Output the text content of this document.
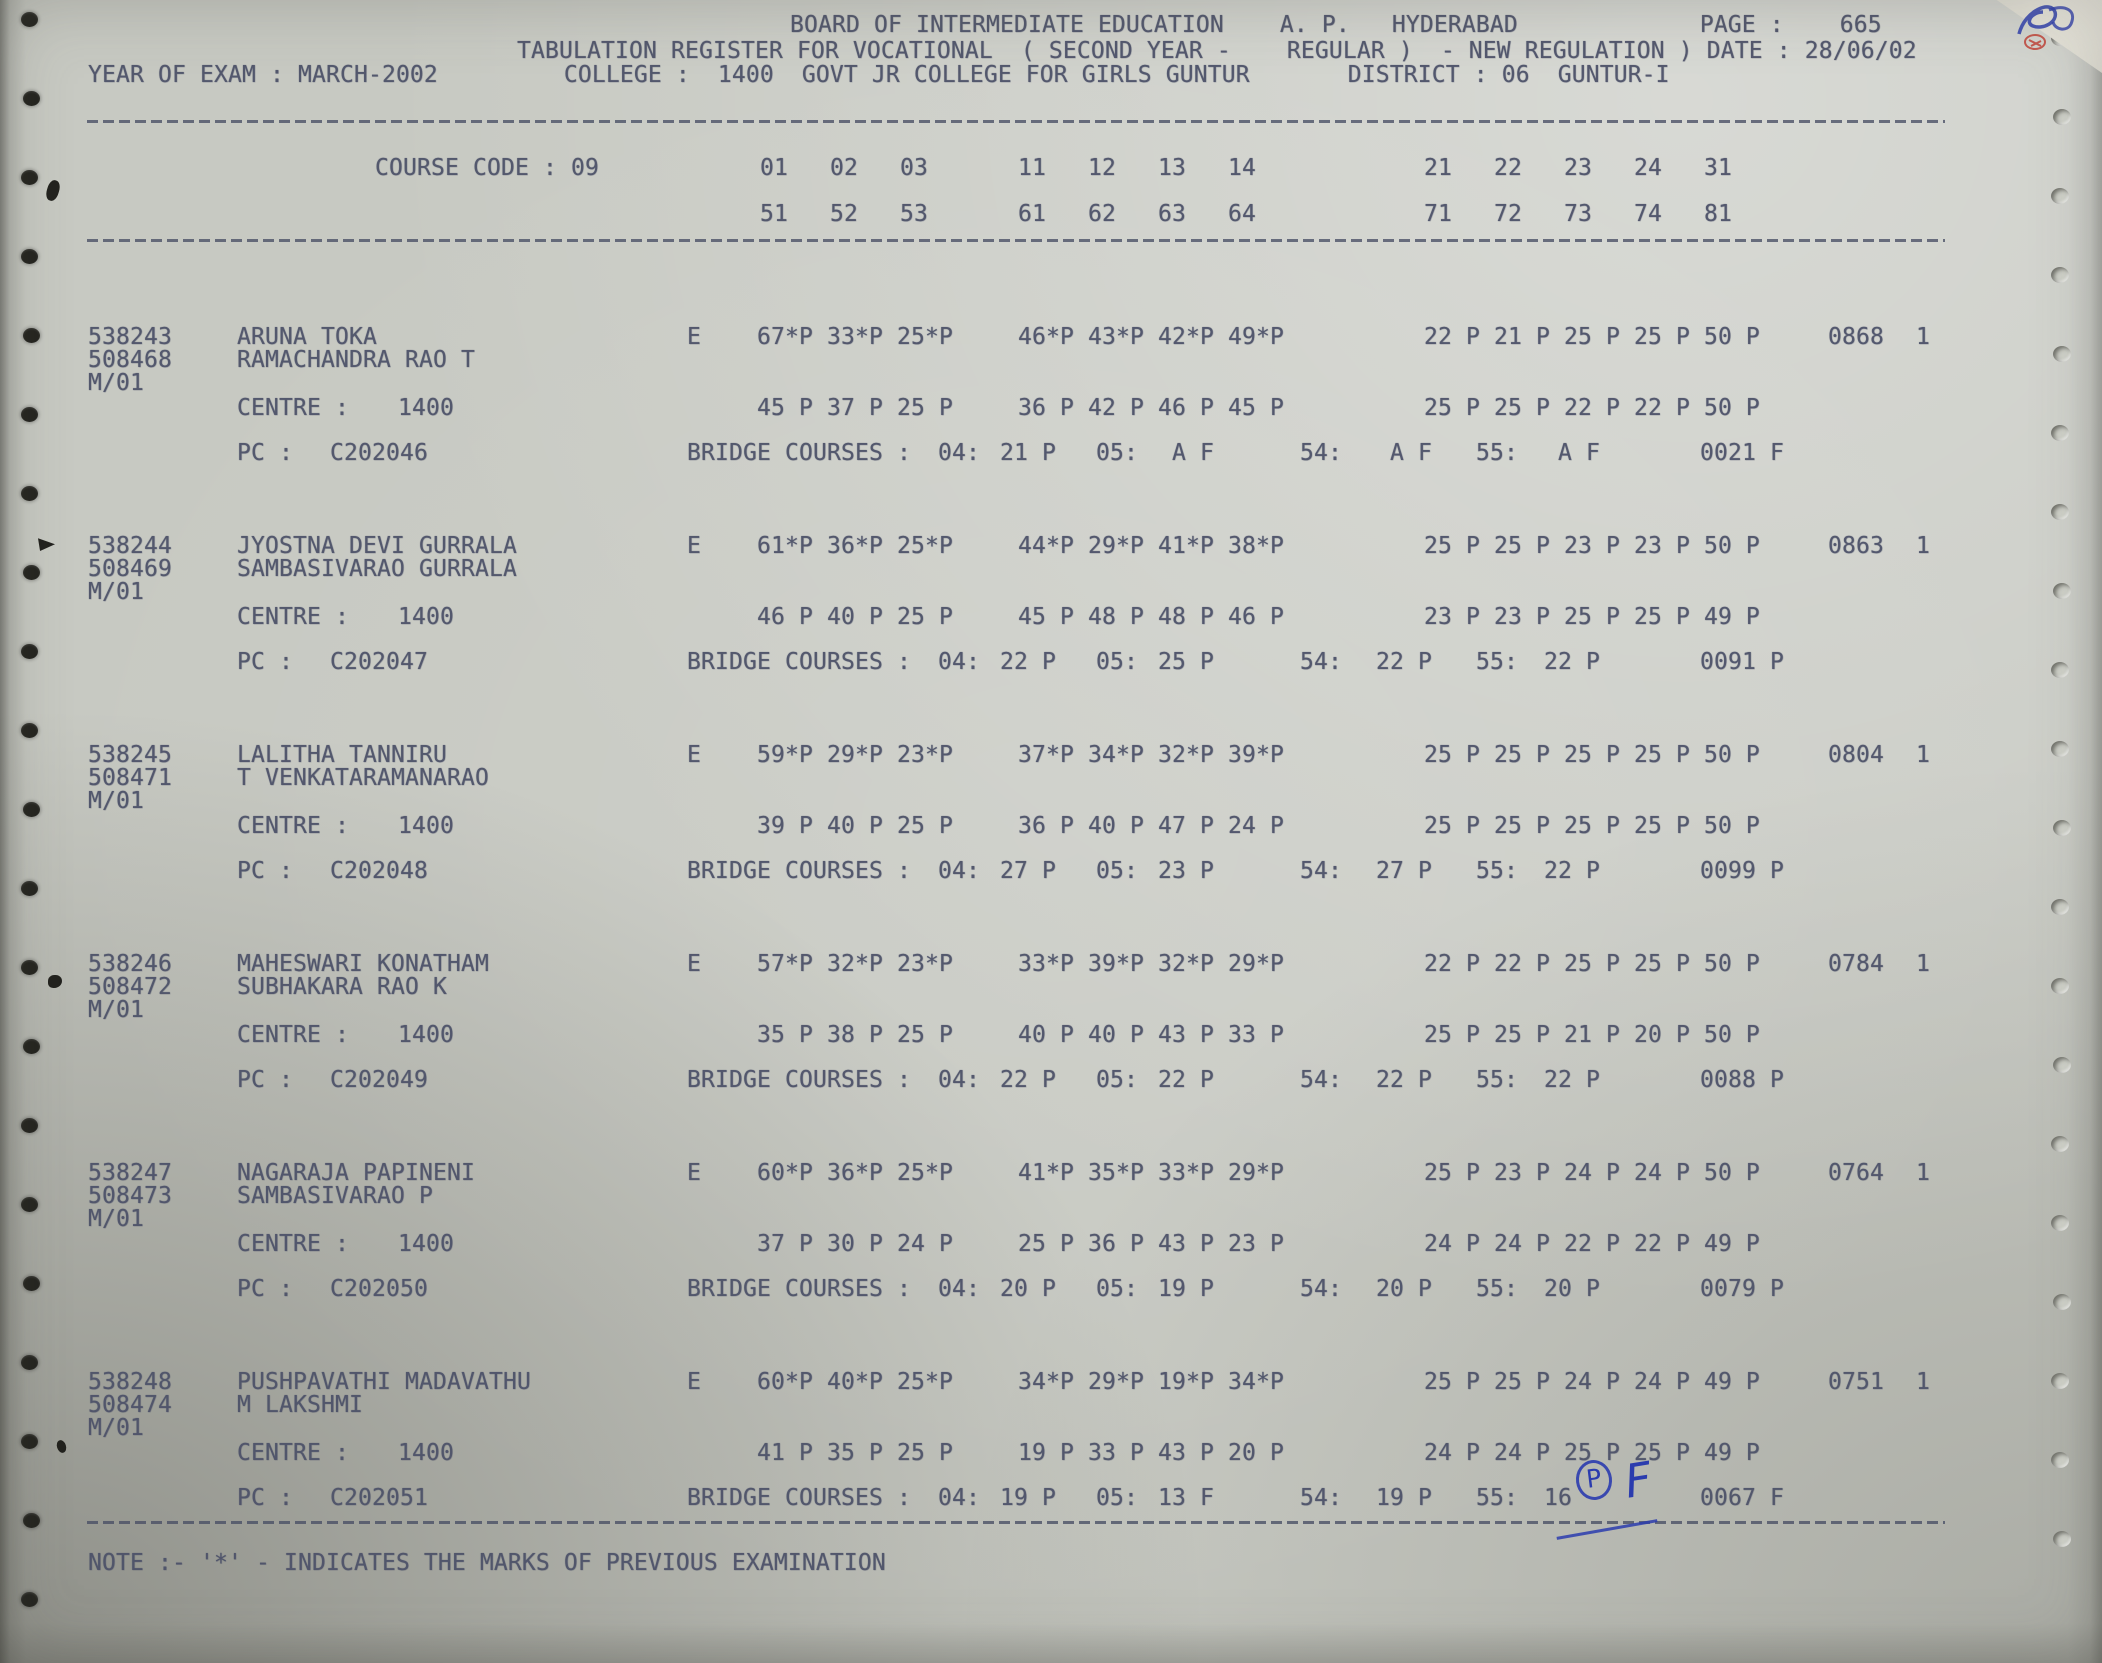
BOARD OF INTERMEDIATE EDUCATION    A. P.   HYDERABAD             PAGE :    665
TABULATION REGISTER FOR VOCATIONAL  ( SECOND YEAR -    REGULAR )  - NEW REGULATION ) DATE : 28/06/02
YEAR OF EXAM : MARCH-2002         COLLEGE :  1400  GOVT JR COLLEGE FOR GIRLS GUNTUR       DISTRICT : 06  GUNTUR-I
COURSE CODE : 09	01   02   03	11   12   13   14	21   22   23   24   31
51   52   53	61   62   63   64	71   72   73   74   81
538243	ARUNA TOKA
508468	RAMACHANDRA RAO T
M/01
E 67*P 33*P 25*P	46*P 43*P 42*P 49*P	22 P 21 P 25 P 25 P 50 P	0868 1
CENTRE : 1400	45 P 37 P 25 P	36 P 42 P 46 P 45 P	25 P 25 P 22 P 22 P 50 P
PC : C202046	BRIDGE COURSES : 04: 21 P 05: A F	54: A F 55: A F	0021 F
538244	JYOSTNA DEVI GURRALA
508469	SAMBASIVARAO GURRALA
M/01
E 61*P 36*P 25*P	44*P 29*P 41*P 38*P	25 P 25 P 23 P 23 P 50 P	0863 1
CENTRE : 1400	46 P 40 P 25 P	45 P 48 P 48 P 46 P	23 P 23 P 25 P 25 P 49 P
PC : C202047	BRIDGE COURSES : 04: 22 P 05: 25 P	54: 22 P 55: 22 P	0091 P
538245	LALITHA TANNIRU
508471	T VENKATARAMANARAO
M/01
E 59*P 29*P 23*P	37*P 34*P 32*P 39*P	25 P 25 P 25 P 25 P 50 P	0804 1
CENTRE : 1400	39 P 40 P 25 P	36 P 40 P 47 P 24 P	25 P 25 P 25 P 25 P 50 P
PC : C202048	BRIDGE COURSES : 04: 27 P 05: 23 P	54: 27 P 55: 22 P	0099 P
538246	MAHESWARI KONATHAM
508472	SUBHAKARA RAO K
M/01
E 57*P 32*P 23*P	33*P 39*P 32*P 29*P	22 P 22 P 25 P 25 P 50 P	0784 1
CENTRE : 1400	35 P 38 P 25 P	40 P 40 P 43 P 33 P	25 P 25 P 21 P 20 P 50 P
PC : C202049	BRIDGE COURSES : 04: 22 P 05: 22 P	54: 22 P 55: 22 P	0088 P
538247	NAGARAJA PAPINENI
508473	SAMBASIVARAO P
M/01
E 60*P 36*P 25*P	41*P 35*P 33*P 29*P	25 P 23 P 24 P 24 P 50 P	0764 1
CENTRE : 1400	37 P 30 P 24 P	25 P 36 P 43 P 23 P	24 P 24 P 22 P 22 P 49 P
PC : C202050	BRIDGE COURSES : 04: 20 P 05: 19 P	54: 20 P 55: 20 P	0079 P
538248	PUSHPAVATHI MADAVATHU
508474	M LAKSHMI
M/01
E 60*P 40*P 25*P	34*P 29*P 19*P 34*P	25 P 25 P 24 P 24 P 49 P	0751 1
CENTRE : 1400	41 P 35 P 25 P	19 P 33 P 43 P 20 P	24 P 24 P 25 P 25 P 49 P
PC : C202051	BRIDGE COURSES : 04: 19 P 05: 13 F	54: 19 P 55: 16	0067 F
P F
NOTE :- '*' - INDICATES THE MARKS OF PREVIOUS EXAMINATION
